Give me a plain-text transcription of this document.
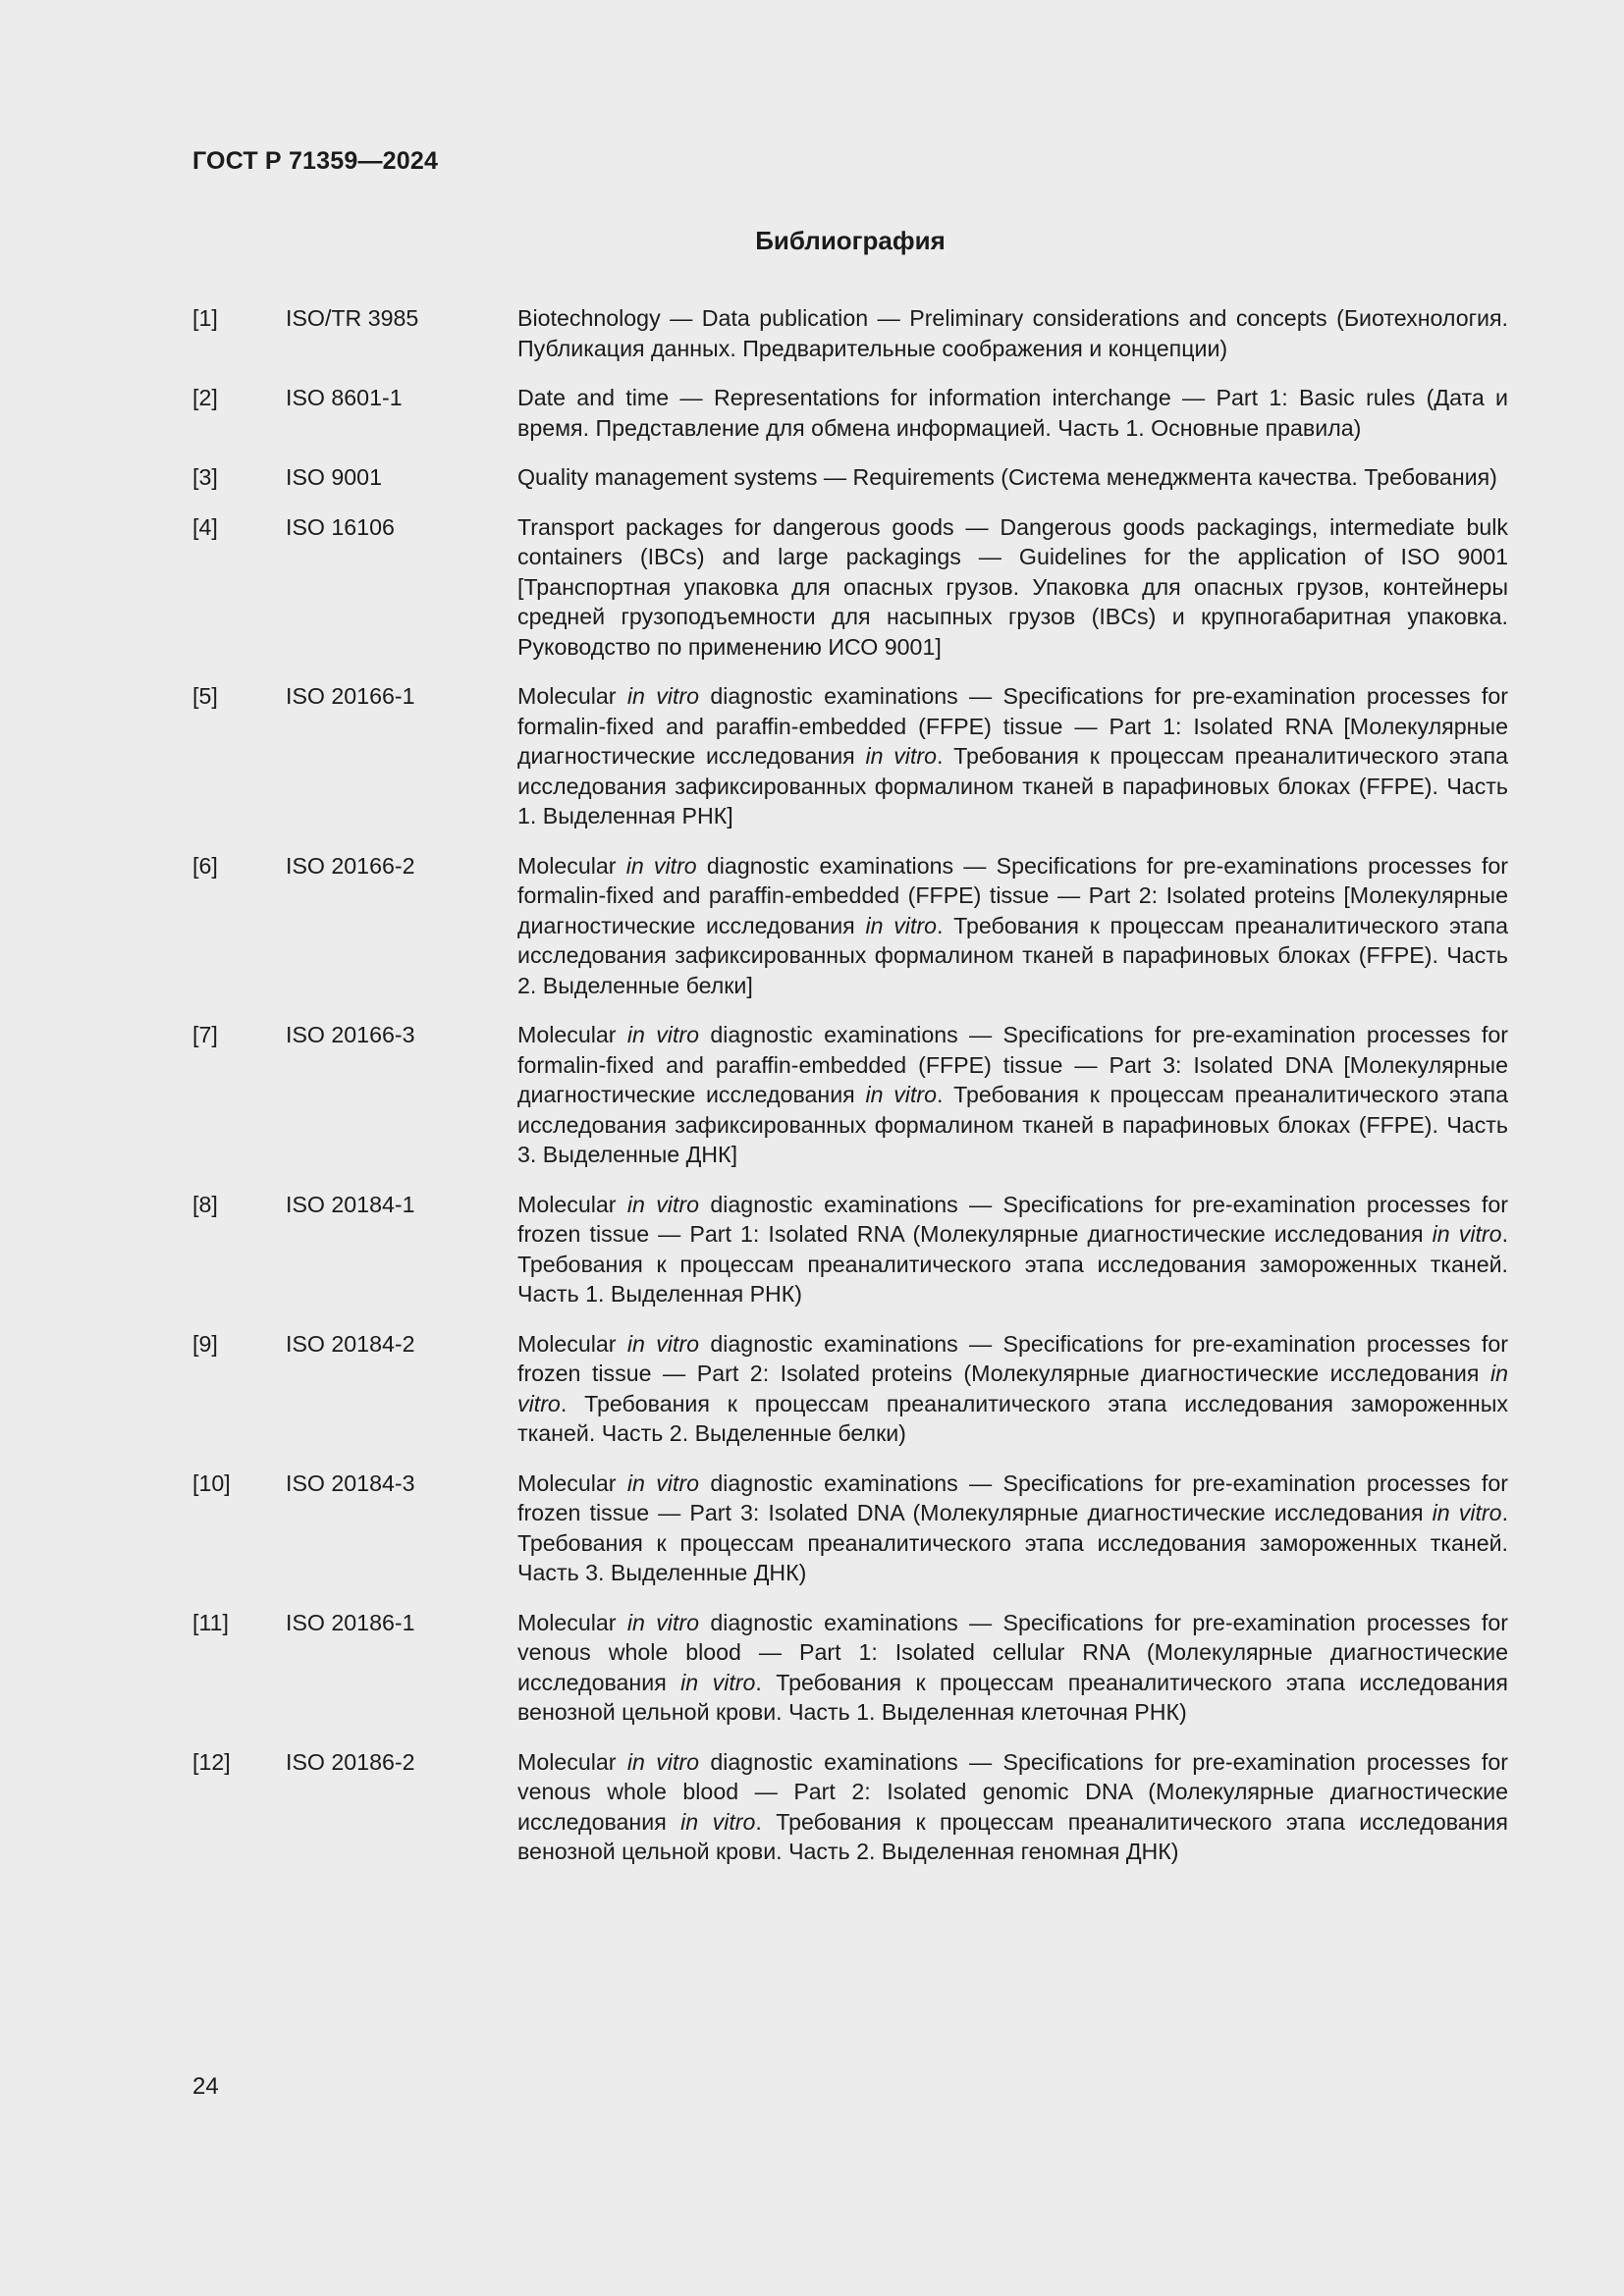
ГОСТ Р 71359—2024
Библиография
[1]	ISO/TR 3985	Biotechnology — Data publication — Preliminary considerations and concepts (Биотехнология. Публикация данных. Предварительные соображения и концепции)
[2]	ISO 8601-1	Date and time — Representations for information interchange — Part 1: Basic rules (Дата и время. Представление для обмена информацией. Часть 1. Основные правила)
[3]	ISO 9001	Quality management systems — Requirements (Система менеджмента качества. Требования)
[4]	ISO 16106	Transport packages for dangerous goods — Dangerous goods packagings, intermediate bulk containers (IBCs) and large packagings — Guidelines for the application of ISO 9001 [Транспортная упаковка для опасных грузов. Упаковка для опасных грузов, контейнеры средней грузоподъемности для насыпных грузов (IBCs) и крупногабаритная упаковка. Руководство по применению ИСО 9001]
[5]	ISO 20166-1	Molecular in vitro diagnostic examinations — Specifications for pre-examination processes for formalin-fixed and paraffin-embedded (FFPE) tissue — Part 1: Isolated RNA [Молекулярные диагностические исследования in vitro. Требования к процессам преаналитического этапа исследования зафиксированных формалином тканей в парафиновых блоках (FFPE). Часть 1. Выделенная РНК]
[6]	ISO 20166-2	Molecular in vitro diagnostic examinations — Specifications for pre-examinations processes for formalin-fixed and paraffin-embedded (FFPE) tissue — Part 2: Isolated proteins [Молекулярные диагностические исследования in vitro. Требования к процессам преаналитического этапа исследования зафиксированных формалином тканей в парафиновых блоках (FFPE). Часть 2. Выделенные белки]
[7]	ISO 20166-3	Molecular in vitro diagnostic examinations — Specifications for pre-examination processes for formalin-fixed and paraffin-embedded (FFPE) tissue — Part 3: Isolated DNA [Молекулярные диагностические исследования in vitro. Требования к процессам преаналитического этапа исследования зафиксированных формалином тканей в парафиновых блоках (FFPE). Часть 3. Выделенные ДНК]
[8]	ISO 20184-1	Molecular in vitro diagnostic examinations — Specifications for pre-examination processes for frozen tissue — Part 1: Isolated RNA (Молекулярные диагностические исследования in vitro. Требования к процессам преаналитического этапа исследования замороженных тканей. Часть 1. Выделенная РНК)
[9]	ISO 20184-2	Molecular in vitro diagnostic examinations — Specifications for pre-examination processes for frozen tissue — Part 2: Isolated proteins (Молекулярные диагностические исследования in vitro. Требования к процессам преаналитического этапа исследования замороженных тканей. Часть 2. Выделенные белки)
[10] ISO 20184-3	Molecular in vitro diagnostic examinations — Specifications for pre-examination processes for frozen tissue — Part 3: Isolated DNA (Молекулярные диагностические исследования in vitro. Требования к процессам преаналитического этапа исследования замороженных тканей. Часть 3. Выделенные ДНК)
[11]	ISO 20186-1	Molecular in vitro diagnostic examinations — Specifications for pre-examination processes for venous whole blood — Part 1: Isolated cellular RNA (Молекулярные диагностические исследования in vitro. Требования к процессам преаналитического этапа исследования венозной цельной крови. Часть 1. Выделенная клеточная РНК)
[12] ISO 20186-2	Molecular in vitro diagnostic examinations — Specifications for pre-examination processes for venous whole blood — Part 2: Isolated genomic DNA (Молекулярные диагностические исследования in vitro. Требования к процессам преаналитического этапа исследования венозной цельной крови. Часть 2. Выделенная геномная ДНК)
24
